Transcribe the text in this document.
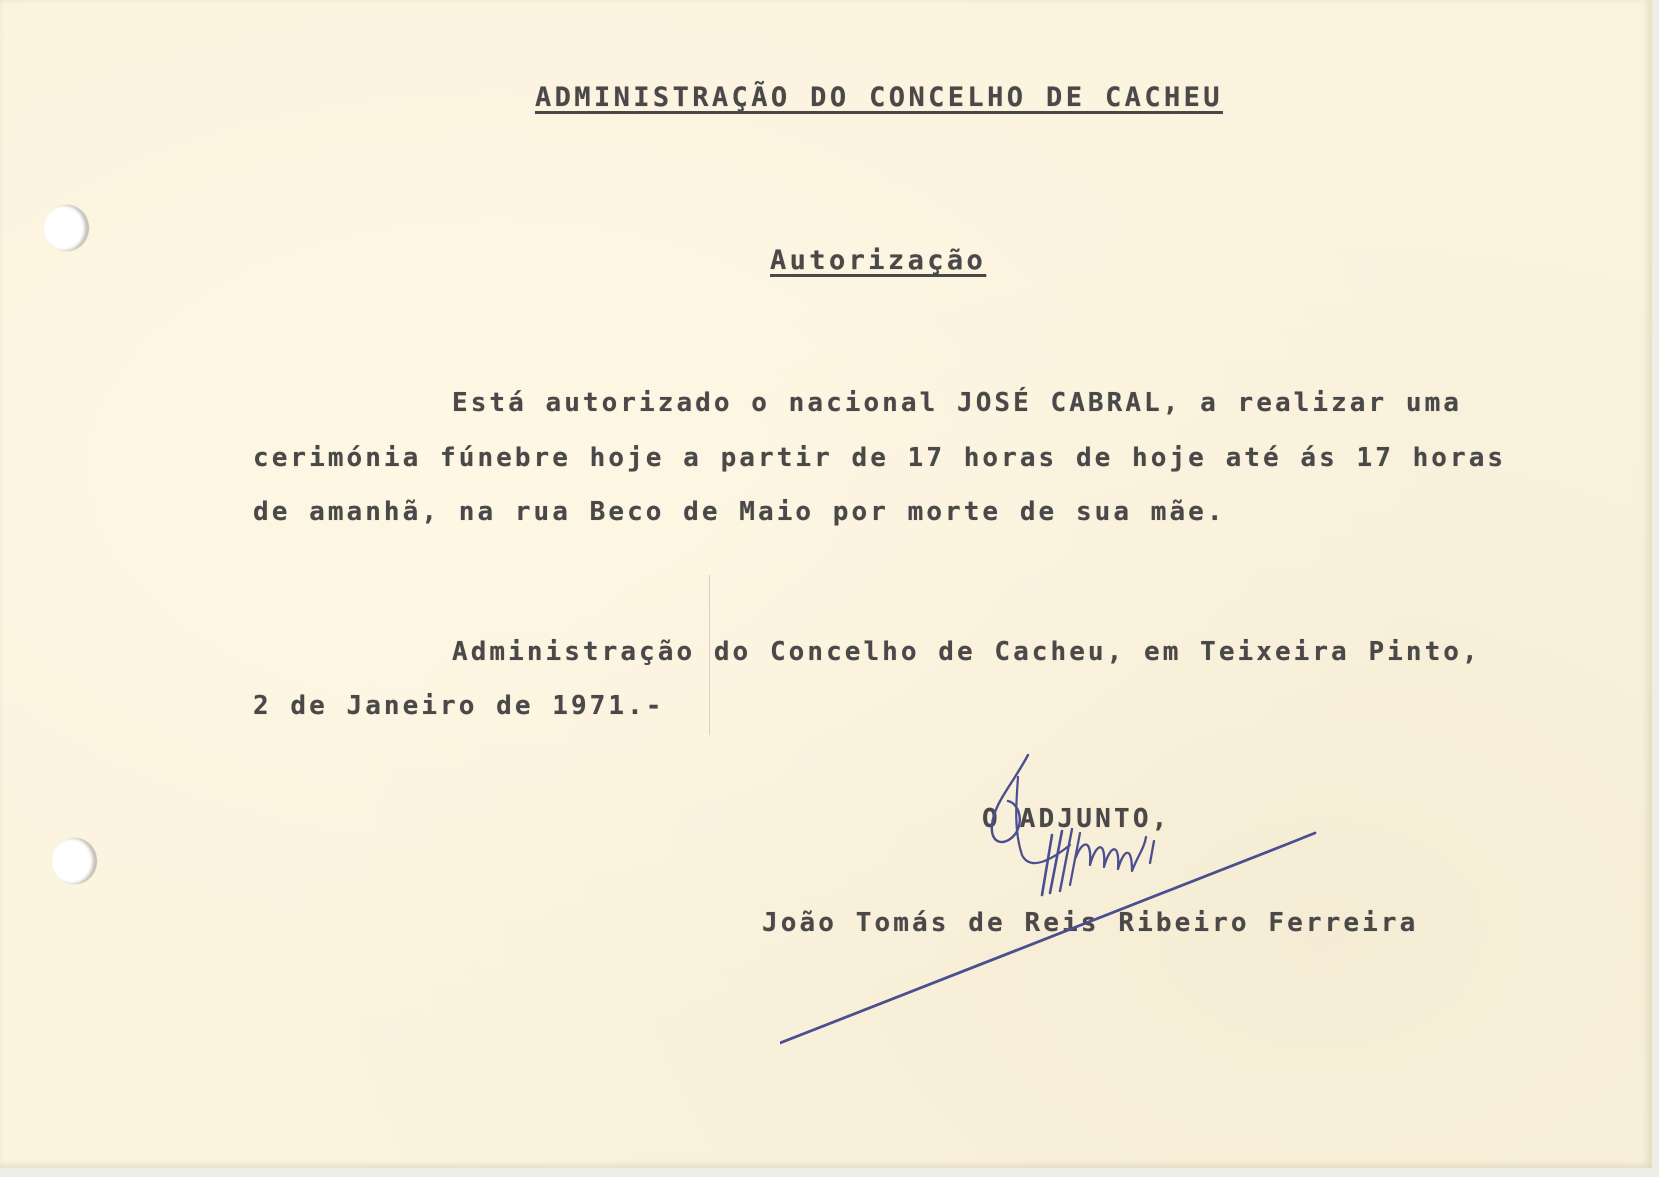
ADMINISTRAÇÃO DO CONCELHO DE CACHEU

Autorização

Está autorizado o nacional JOSÉ CABRAL, a realizar uma

cerimónia fúnebre hoje a partir de 17 horas de hoje até ás 17 horas

de amanhã, na rua Beco de Maio por morte de sua mãe.

Administração do Concelho de Cacheu, em Teixeira Pinto,

2 de Janeiro de 1971.-

O ADJUNTO,

João Tomás de Reis Ribeiro Ferreira
